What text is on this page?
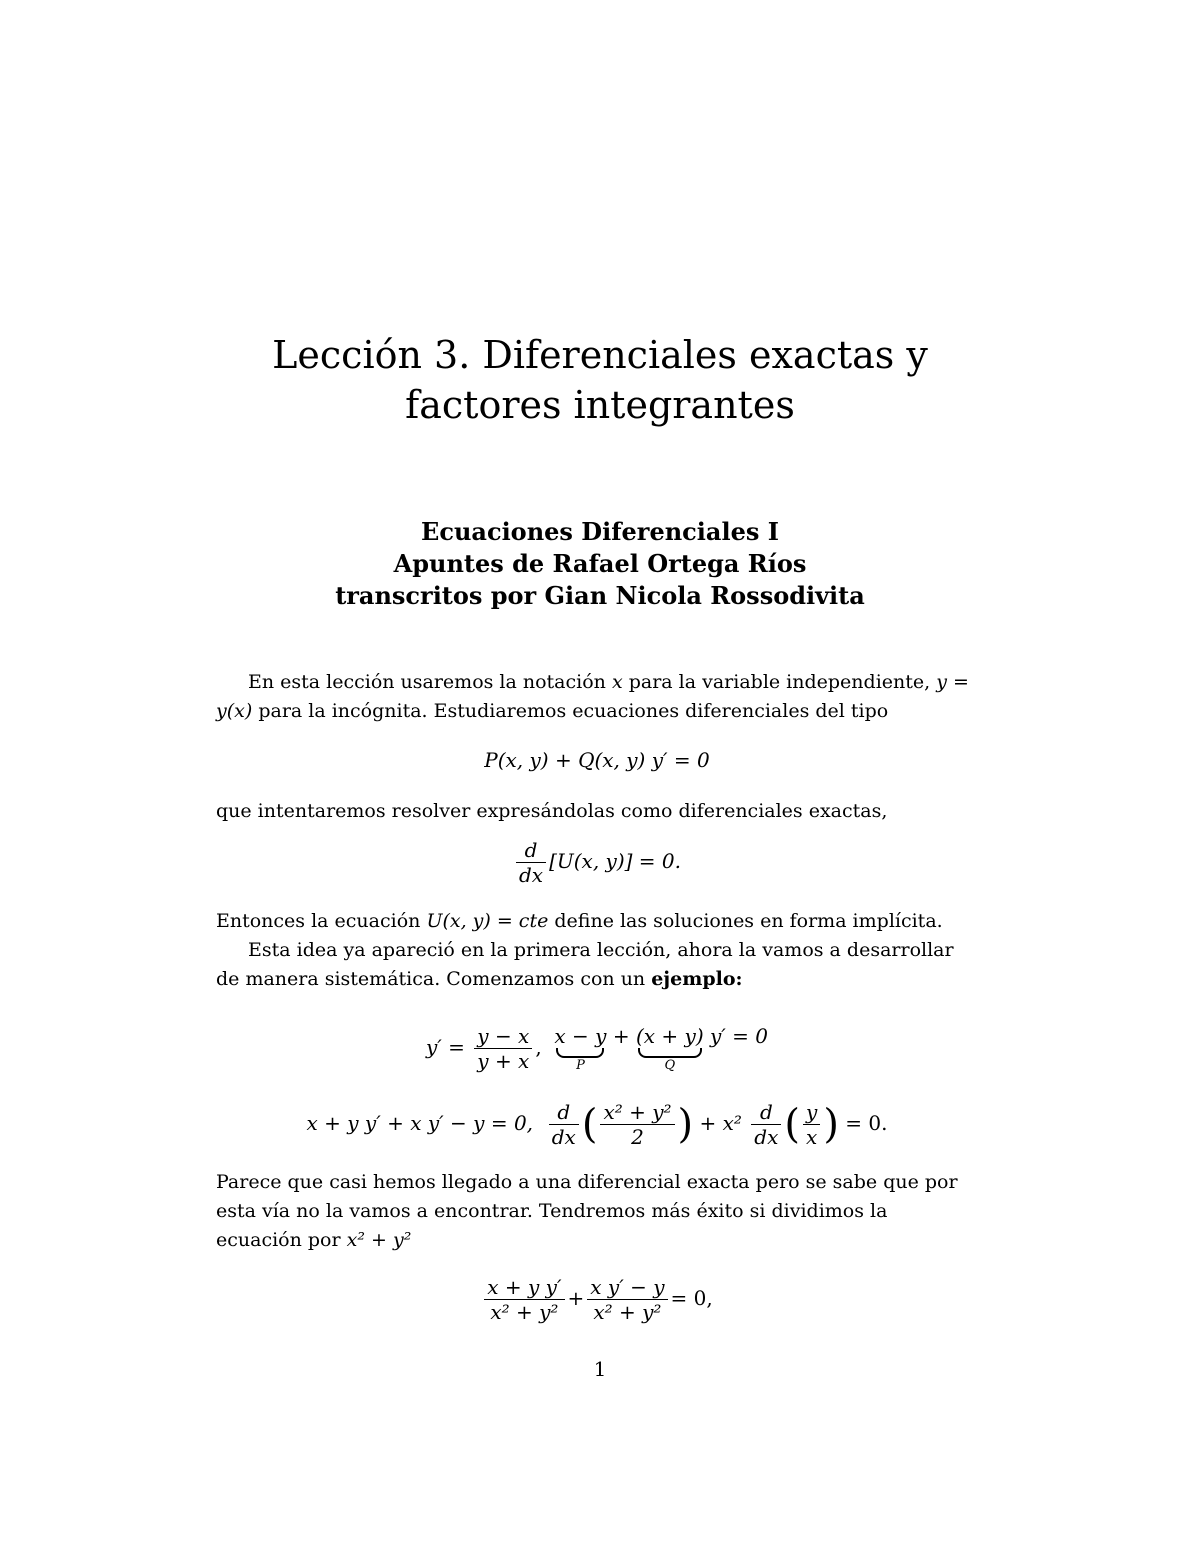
Lección 3. Diferenciales exactas y
factores integrantes
Ecuaciones Diferenciales I
Apuntes de Rafael Ortega Ríos
transcritos por Gian Nicola Rossodivita
En esta lección usaremos la notación x para la variable independiente, y = y(x) para la incógnita. Estudiaremos ecuaciones diferenciales del tipo
P(x, y) + Q(x, y) y′ = 0
que intentaremos resolver expresándolas como diferenciales exactas,
$\frac{d}{dx} [U(x$, y)] = 0.
Entonces la ecuación U(x, y) = cte define las soluciones en forma implícita.
Esta idea ya apareció en la primera lección, ahora la vamos a desarrollar de manera sistemática. Comenzamos con un ejemplo:
$y' = \frac{y - x}{y + x}$ , x − y
P
+ (x + y)
Q
y′ = 0
x + y y′ + x y′ − y = 0, $\frac{d}{dx}$ ( $\frac{\text{x² + y²}}{2}$ ) + $x^2 \frac{d}{dx}$ ( $\frac{y}{x}$ ) = 0.
Parece que casi hemos llegado a una diferencial exacta pero se sabe que por esta vía no la vamos a encontrar. Tendremos más éxito si dividimos la ecuación por x² + y²
$\frac{\text{x + y y′}}{\text{x² + y²}} + \frac{\text{x y′ − y}}{\text{x² + y²}} = 0$,
1
